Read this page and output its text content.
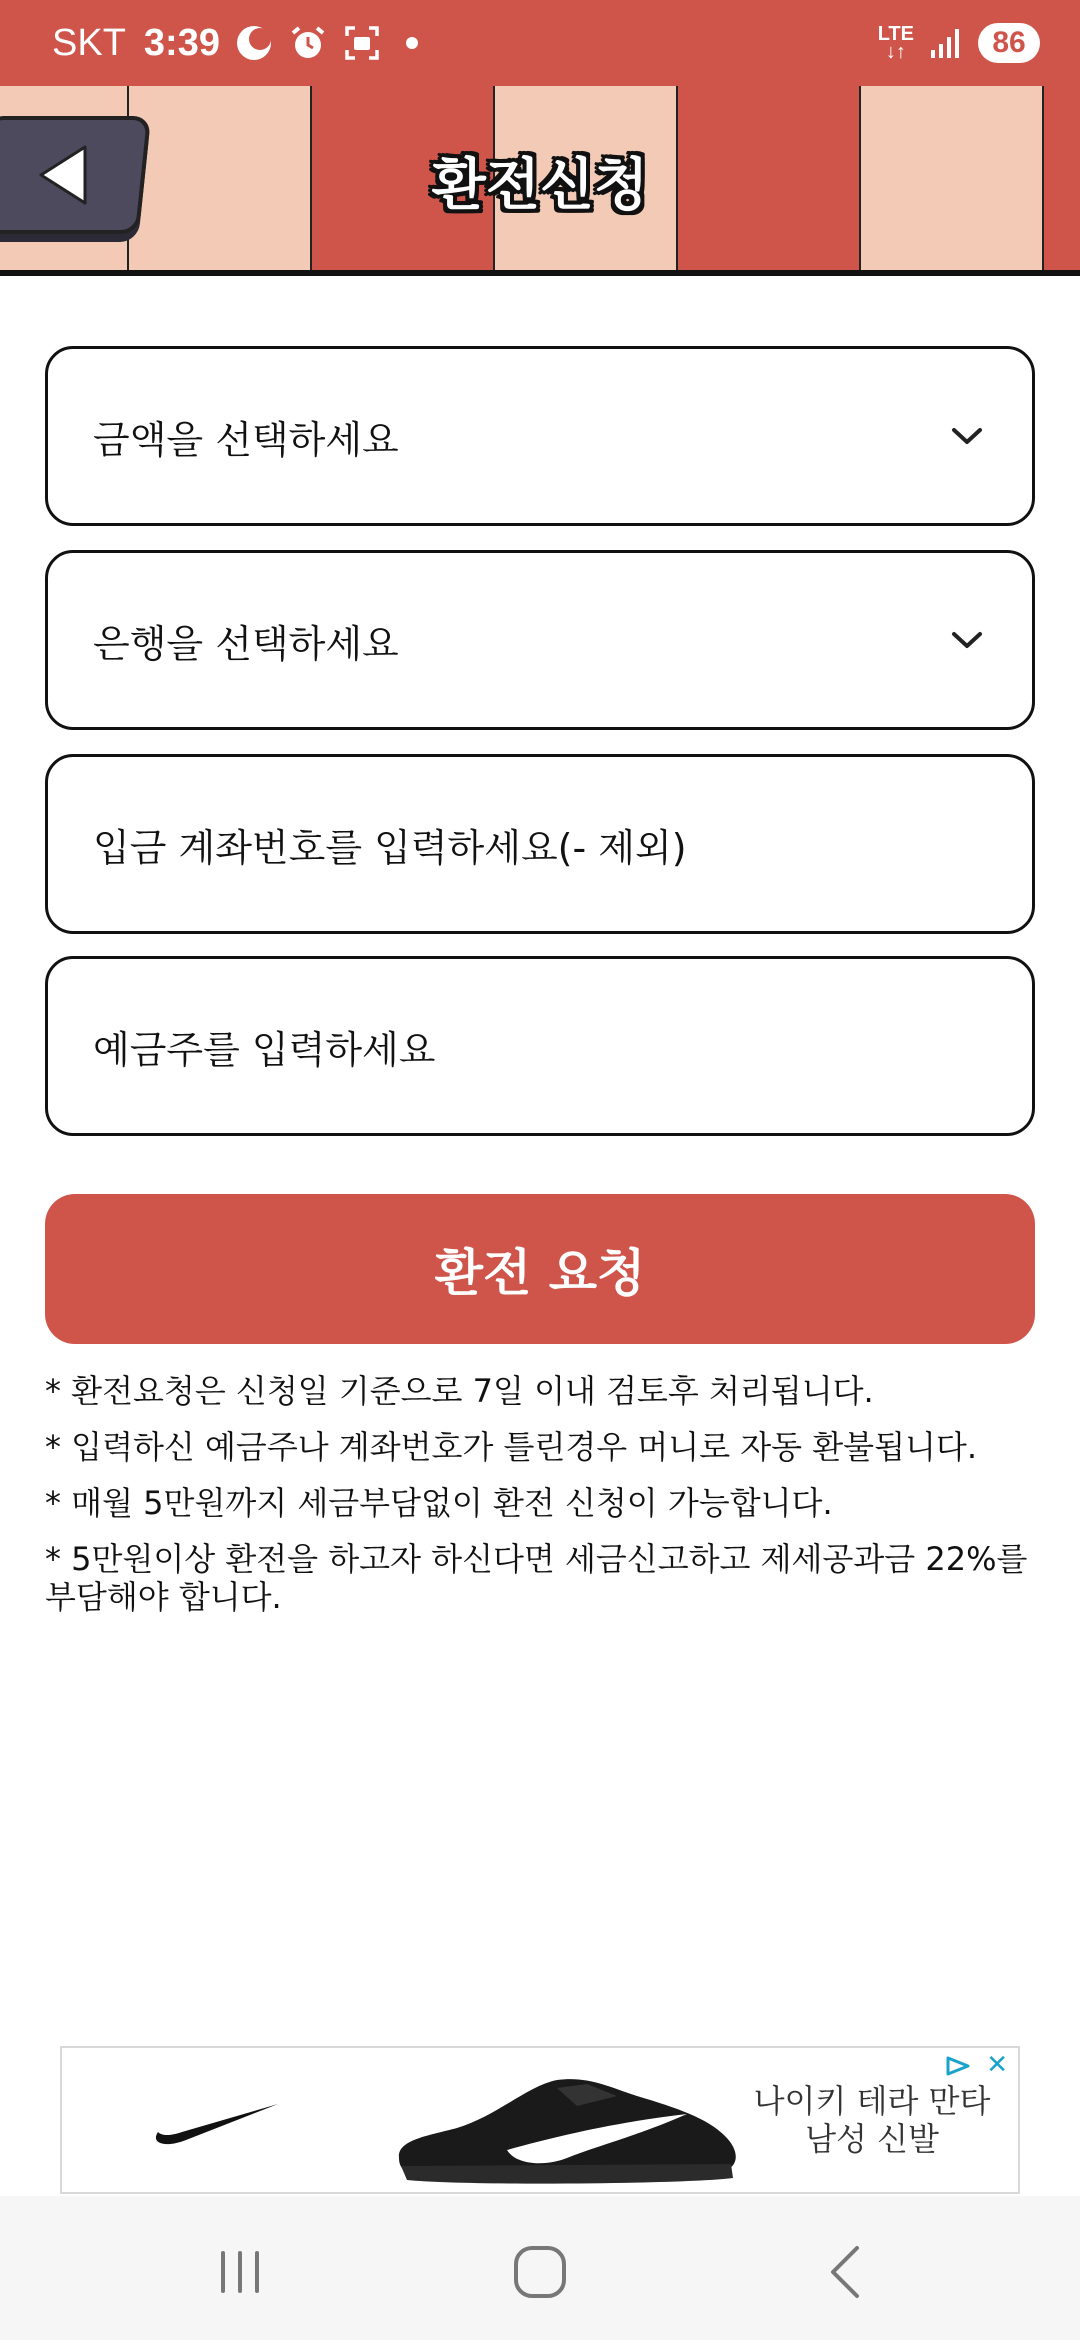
SKT 3:39	LTE
↓↑	86
환전신청
금액을 선택하세요
은행을 선택하세요
입금 계좌번호를 입력하세요(- 제외)
예금주를 입력하세요
환전 요청
* 환전요청은 신청일 기준으로 7일 이내 검토후 처리됩니다.
* 입력하신 예금주나 계좌번호가 틀린경우 머니로 자동 환불됩니다.
* 매월 5만원까지 세금부담없이 환전 신청이 가능합니다.
* 5만원이상 환전을 하고자 하신다면 세금신고하고 제세공과금 22%를 부담해야 합니다.
나이키 테라 만타 남성 신발
✕
